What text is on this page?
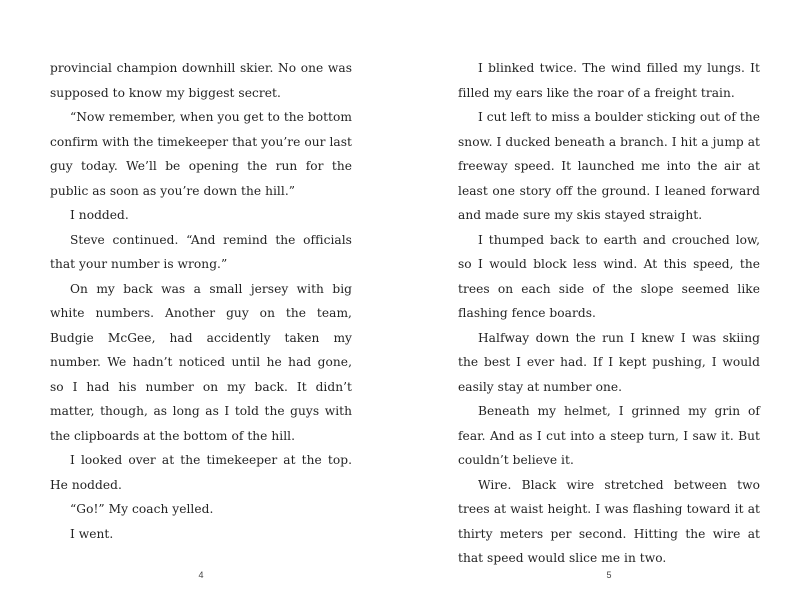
provincial champion downhill skier. No one was supposed to know my biggest secret.

“Now remember, when you get to the bottom confirm with the timekeeper that you’re our last guy today. We’ll be opening the run for the public as soon as you’re down the hill.”

I nodded.

Steve continued. “And remind the officials that your number is wrong.”

On my back was a small jersey with big white numbers. Another guy on the team, Budgie McGee, had accidently taken my number. We hadn’t noticed until he had gone, so I had his number on my back. It didn’t matter, though, as long as I told the guys with the clipboards at the bottom of the hill.

I looked over at the timekeeper at the top. He nodded.

“Go!” My coach yelled.

I went.

I blinked twice. The wind filled my lungs. It filled my ears like the roar of a freight train.

I cut left to miss a boulder sticking out of the snow. I ducked beneath a branch. I hit a jump at freeway speed. It launched me into the air at least one story off the ground. I leaned forward and made sure my skis stayed straight.

I thumped back to earth and crouched low, so I would block less wind. At this speed, the trees on each side of the slope seemed like flashing fence boards.

Halfway down the run I knew I was skiing the best I ever had. If I kept pushing, I would easily stay at number one.

Beneath my helmet, I grinned my grin of fear. And as I cut into a steep turn, I saw it. But couldn’t believe it.

Wire. Black wire stretched between two trees at waist height. I was flashing toward it at thirty meters per second. Hitting the wire at that speed would slice me in two.

4	5
